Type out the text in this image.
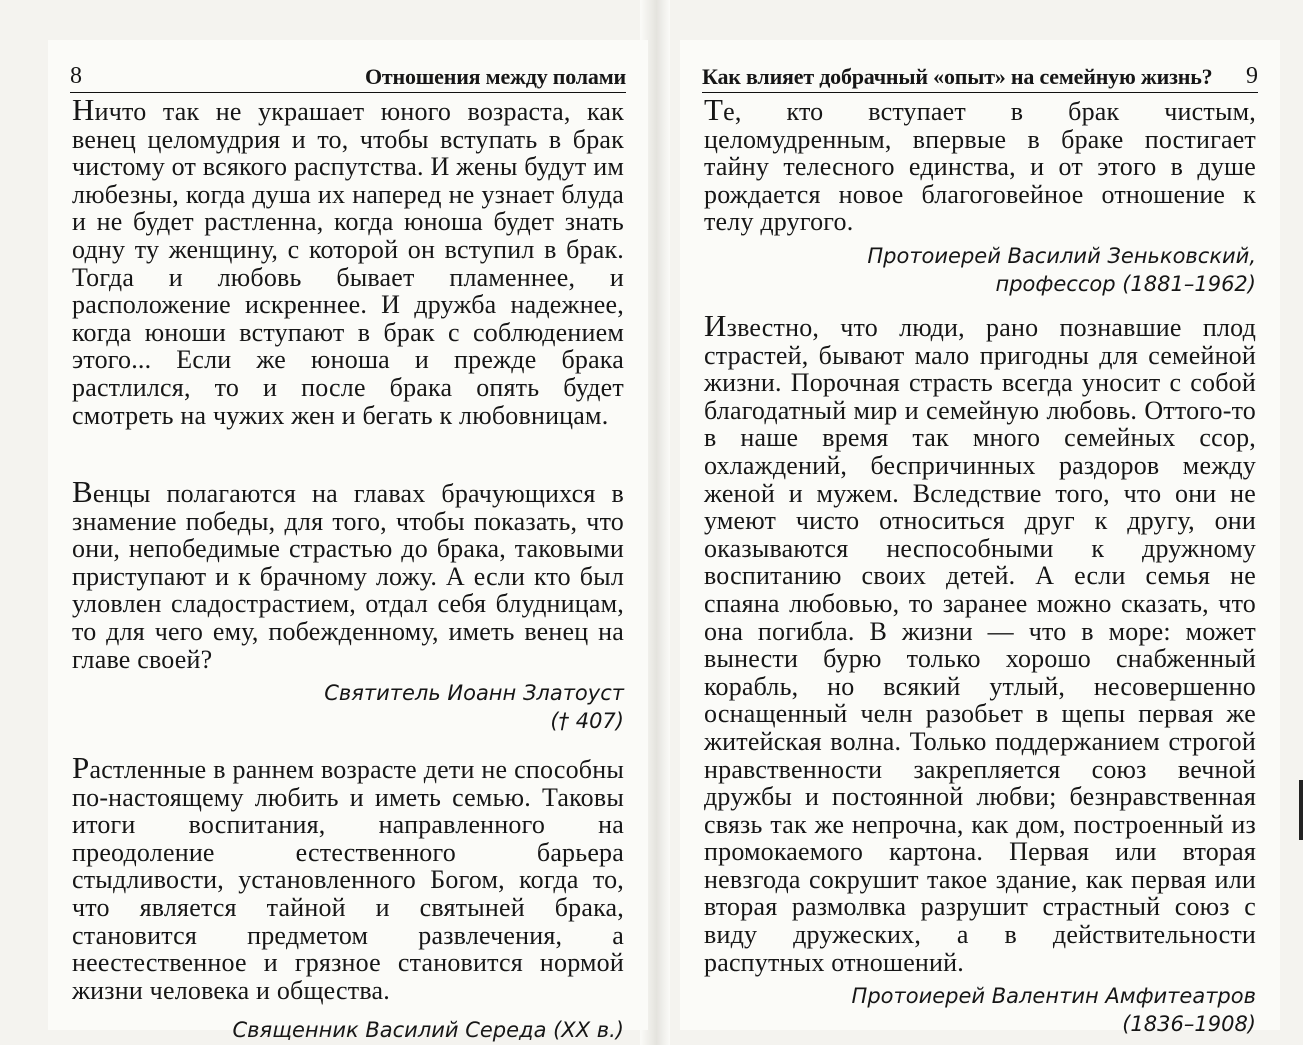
8	Отношения между полами

Ничто так не украшает юного возраста, как венец целомудрия и то, чтобы вступать в брак чистому от всякого распутства. И жены будут им любезны, когда душа их наперед не узнает блуда и не будет растленна, когда юноша будет знать одну ту женщину, с которой он вступил в брак. Тогда и любовь бывает пламеннее, и расположение искреннее. И дружба надежнее, когда юноши вступают в брак с соблюдением этого... Если же юноша и прежде брака растлился, то и после брака опять будет смотреть на чужих жен и бегать к любовницам.

Венцы полагаются на главах брачующихся в знамение победы, для того, чтобы показать, что они, непобедимые страстью до брака, таковыми приступают и к брачному ложу. А если кто был уловлен сладострастием, отдал себя блудницам, то для чего ему, побежденному, иметь венец на главе своей?

Святитель Иоанн Златоуст
(† 407)

Растленные в раннем возрасте дети не способны по-настоящему любить и иметь семью. Таковы итоги воспитания, направленного на преодоление естественного барьера стыдливости, установленного Богом, когда то, что является тайной и святыней брака, становится предметом развлечения, а неестественное и грязное становится нормой жизни человека и общества.

Священник Василий Середа (XX в.)
Как влияет добрачный «опыт» на семейную жизнь? 9

Те, кто вступает в брак чистым, целомудренным, впервые в браке постигает тайну телесного единства, и от этого в душе рождается новое благоговейное отношение к телу другого.

Протоиерей Василий Зеньковский,
профессор (1881–1962)

Известно, что люди, рано познавшие плод страстей, бывают мало пригодны для семейной жизни. Порочная страсть всегда уносит с собой благодатный мир и семейную любовь. Оттого-то в наше время так много семейных ссор, охлаждений, беспричинных раздоров между женой и мужем. Вследствие того, что они не умеют чисто относиться друг к другу, они оказываются неспособными к дружному воспитанию своих детей. А если семья не спаяна любовью, то заранее можно сказать, что она погибла. В жизни — что в море: может вынести бурю только хорошо снабженный корабль, но всякий утлый, несовершенно оснащенный челн разобьет в щепы первая же житейская волна. Только поддержанием строгой нравственности закрепляется союз вечной дружбы и постоянной любви; безнравственная связь так же непрочна, как дом, построенный из промокаемого картона. Первая или вторая невзгода сокрушит такое здание, как первая или вторая размолвка разрушит страстный союз с виду дружеских, а в действительности распутных отношений.

Протоиерей Валентин Амфитеатров
(1836–1908)
